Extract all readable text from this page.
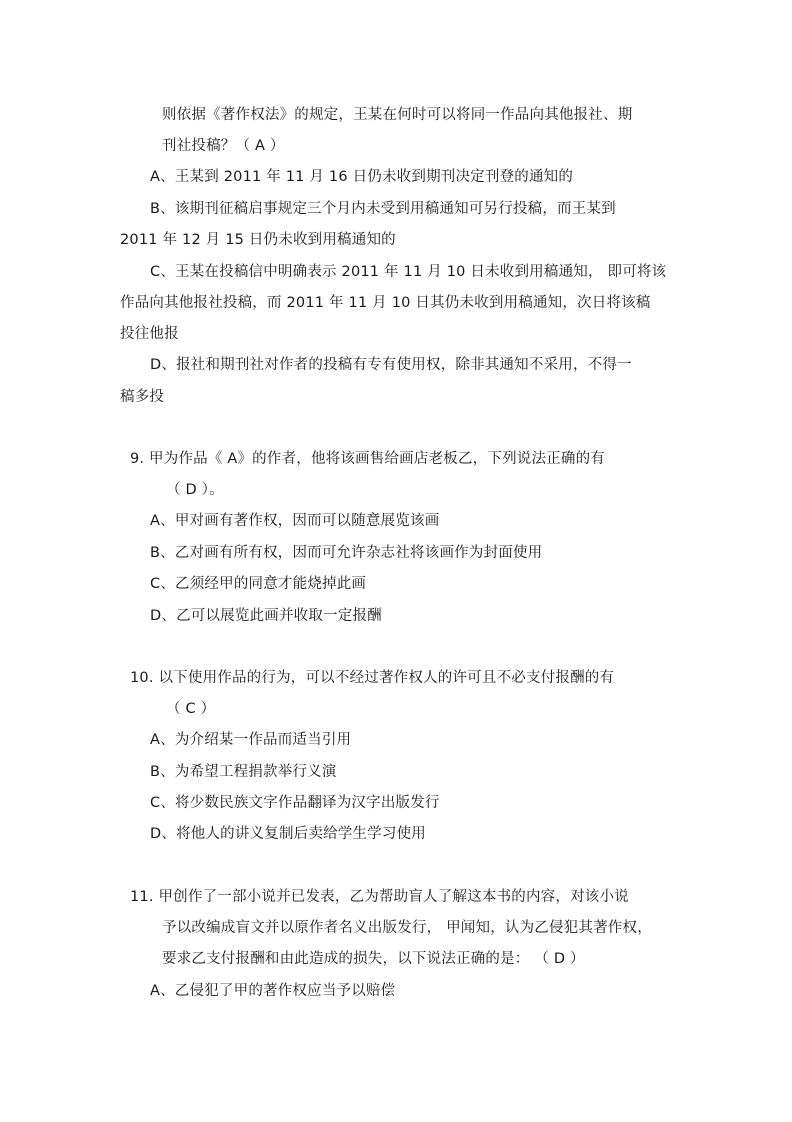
则依据《著作权法》的规定，王某在何时可以将同一作品向其他报社、期
刊社投稿？（ A ）
A、王某到 2011 年 11 月 16 日仍未收到期刊决定刊登的通知的
B、该期刊征稿启事规定三个月内未受到用稿通知可另行投稿，而王某到
2011 年 12 月 15 日仍未收到用稿通知的
C、王某在投稿信中明确表示 2011 年 11 月 10 日未收到用稿通知， 即可将该
作品向其他报社投稿，而 2011 年 11 月 10 日其仍未收到用稿通知，次日将该稿
投往他报
D、报社和期刊社对作者的投稿有专有使用权，除非其通知不采用，不得一
稿多投
9. 甲为作品《 A》的作者，他将该画售给画店老板乙，下列说法正确的有
（ D ）。
A、甲对画有著作权，因而可以随意展览该画
B、乙对画有所有权，因而可允许杂志社将该画作为封面使用
C、乙须经甲的同意才能烧掉此画
D、乙可以展览此画并收取一定报酬
10. 以下使用作品的行为，可以不经过著作权人的许可且不必支付报酬的有
（ C ）
A、为介绍某一作品而适当引用
B、为希望工程捐款举行义演
C、将少数民族文字作品翻译为汉字出版发行
D、将他人的讲义复制后卖给学生学习使用
11. 甲创作了一部小说并已发表，乙为帮助盲人了解这本书的内容，对该小说
予以改编成盲文并以原作者名义出版发行， 甲闻知，认为乙侵犯其著作权，
要求乙支付报酬和由此造成的损失，以下说法正确的是： （ D ）
A、乙侵犯了甲的著作权应当予以赔偿
